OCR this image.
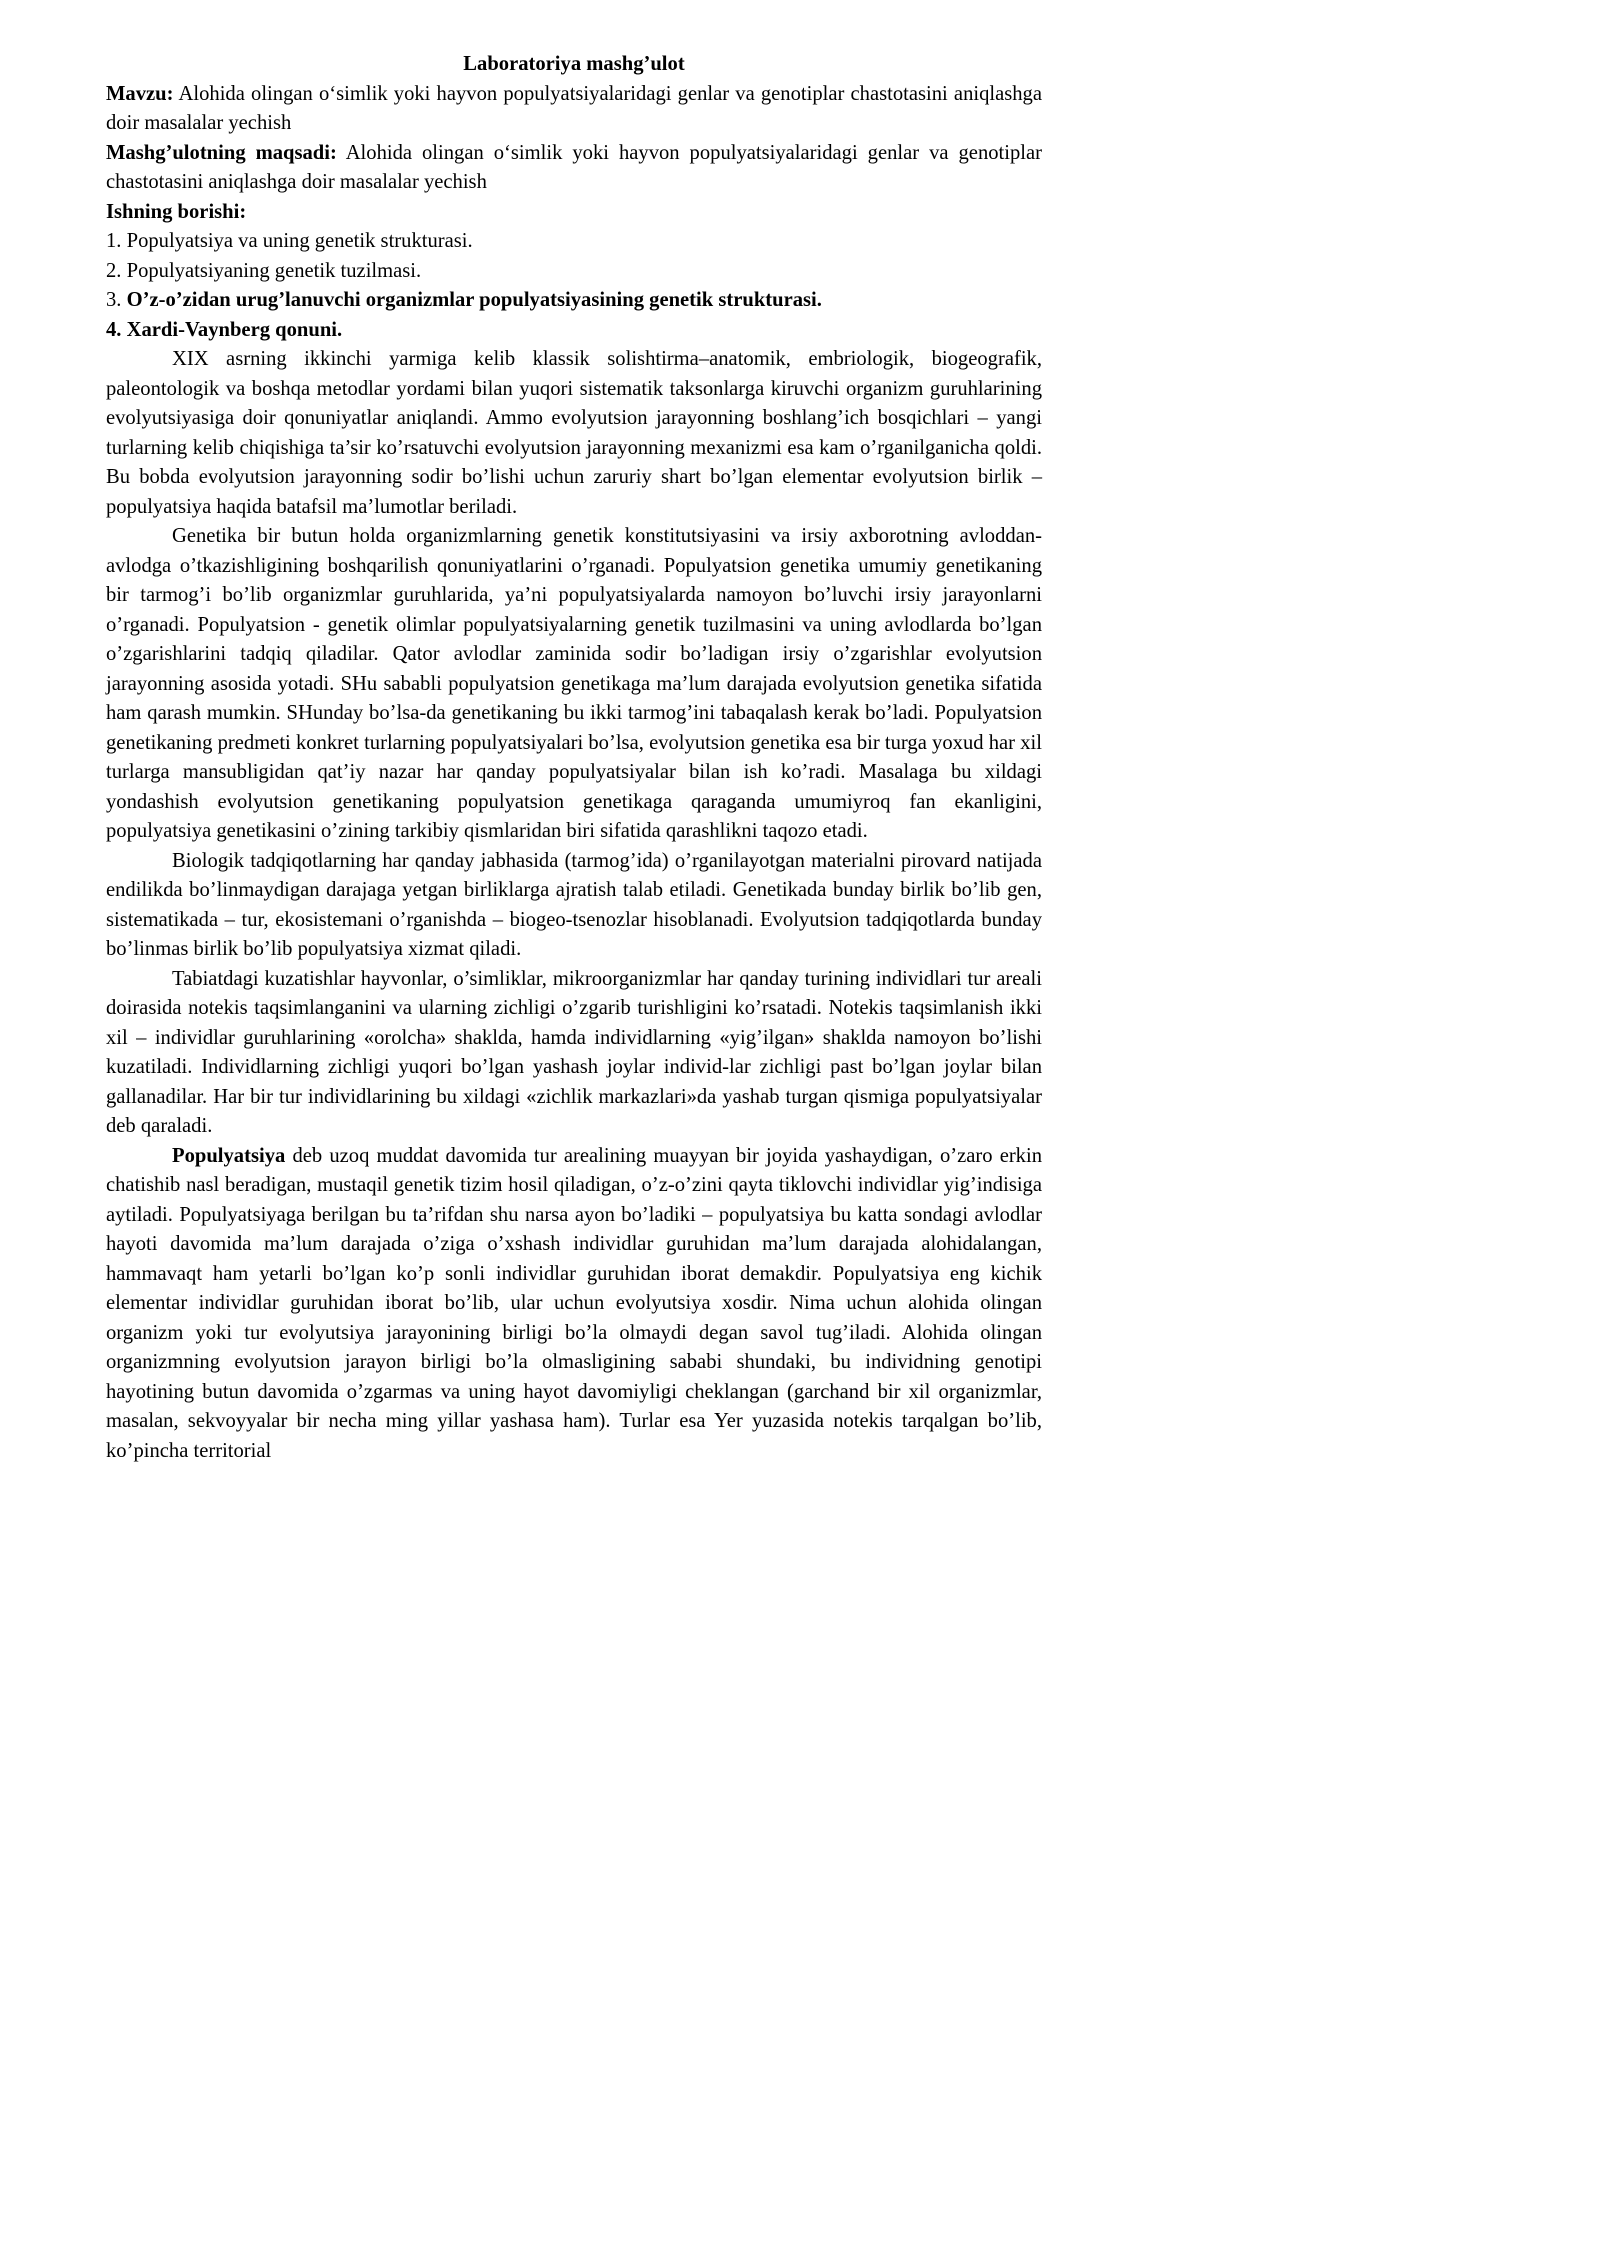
Laboratoriya mashg’ulot

Mavzu: Alohida olingan o‘simlik yoki hayvon populyatsiyalaridagi genlar va genotiplar chastotasini aniqlashga doir masalalar yechish

Mashg’ulotning maqsadi: Alohida olingan o‘simlik yoki hayvon populyatsiyalaridagi genlar va genotiplar chastotasini aniqlashga doir masalalar yechish

Ishning borishi:

1. Populyatsiya va uning genetik strukturasi.
2. Populyatsiyaning genetik tuzilmasi.
3. O’z-o’zidan urug’lanuvchi organizmlar populyatsiyasining genetik strukturasi.
4. Xardi-Vaynberg qonuni.

XIX asrning ikkinchi yarmiga kelib klassik solishtirma–anatomik, embriologik, biogeografik, paleontologik va boshqa metodlar yordami bilan yuqori sistematik taksonlarga kiruvchi organizm guruhlarining evolyutsiyasiga doir qonuniyatlar aniqlandi. Ammo evolyutsion jarayonning boshlang’ich bosqichlari – yangi turlarning kelib chiqishiga ta’sir ko’rsatuvchi evolyutsion jarayonning mexanizmi esa kam o’rganilganicha qoldi. Bu bobda evolyutsion jarayonning sodir bo’lishi uchun zaruriy shart bo’lgan elementar evolyutsion birlik – populyatsiya haqida batafsil ma’lumotlar beriladi.

Genetika bir butun holda organizmlarning genetik konstitutsiyasini va irsiy axborotning avloddan-avlodga o’tkazishligining boshqarilish qonuniyatlarini o’rganadi. Populyatsion genetika umumiy genetikaning bir tarmog’i bo’lib organizmlar guruhlarida, ya’ni populyatsiyalarda namoyon bo’luvchi irsiy jarayonlarni o’rganadi. Populyatsion - genetik olimlar populyatsiyalarning genetik tuzilmasini va uning avlodlarda bo’lgan o’zgarishlarini tadqiq qiladilar. Qator avlodlar zaminida sodir bo’ladigan irsiy o’zgarishlar evolyutsion jarayonning asosida yotadi. SHu sababli populyatsion genetikaga ma’lum darajada evolyutsion genetika sifatida ham qarash mumkin. SHunday bo’lsa-da genetikaning bu ikki tarmog’ini tabaqalash kerak bo’ladi. Populyatsion genetikaning predmeti konkret turlarning populyatsiyalari bo’lsa, evolyutsion genetika esa bir turga yoxud har xil turlarga mansubligidan qat’iy nazar har qanday populyatsiyalar bilan ish ko’radi. Masalaga bu xildagi yondashish evolyutsion genetikaning populyatsion genetikaga qaraganda umumiyroq fan ekanligini, populyatsiya genetikasini o’zining tarkibiy qismlaridan biri sifatida qarashlikni taqozo etadi.

Biologik tadqiqotlarning har qanday jabhasida (tarmog’ida) o’rganilayotgan materialni pirovard natijada endilikda bo’linmaydigan darajaga yetgan birliklarga ajratish talab etiladi. Genetikada bunday birlik bo’lib gen, sistematikada – tur, ekosistemani o’rganishda – biogeo-tsenozlar hisoblanadi. Evolyutsion tadqiqotlarda bunday bo’linmas birlik bo’lib populyatsiya xizmat qiladi.

Tabiatdagi kuzatishlar hayvonlar, o’simliklar, mikroorganizmlar har qanday turining individlari tur areali doirasida notekis taqsimlanganini va ularning zichligi o’zgarib turishligini ko’rsatadi. Notekis taqsimlanish ikki xil – individlar guruhlarining «orolcha» shaklda, hamda individlarning «yig’ilgan» shaklda namoyon bo’lishi kuzatiladi. Individlarning zichligi yuqori bo’lgan yashash joylar individ-lar zichligi past bo’lgan joylar bilan gallanadilar. Har bir tur individlarining bu xildagi «zichlik markazlari»da yashab turgan qismiga populyatsiyalar deb qaraladi.

Populyatsiya deb uzoq muddat davomida tur arealining muayyan bir joyida yashaydigan, o’zaro erkin chatishib nasl beradigan, mustaqil genetik tizim hosil qiladigan, o’z-o’zini qayta tiklovchi individlar yig’indisiga aytiladi. Populyatsiyaga berilgan bu ta’rifdan shu narsa ayon bo’ladiki – populyatsiya bu katta sondagi avlodlar hayoti davomida ma’lum darajada o’ziga o’xshash individlar guruhidan ma’lum darajada alohidalangan, hammavaqt ham yetarli bo’lgan ko’p sonli individlar guruhidan iborat demakdir. Populyatsiya eng kichik elementar individlar guruhidan iborat bo’lib, ular uchun evolyutsiya xosdir. Nima uchun alohida olingan organizm yoki tur evolyutsiya jarayonining birligi bo’la olmaydi degan savol tug’iladi. Alohida olingan organizmning evolyutsion jarayon birligi bo’la olmasligining sababi shundaki, bu individning genotipi hayotining butun davomida o’zgarmas va uning hayot davomiyligi cheklangan (garchand bir xil organizmlar, masalan, sekvoyyalar bir necha ming yillar yashasa ham). Turlar esa Yer yuzasida notekis tarqalgan bo’lib, ko’pincha territorial
